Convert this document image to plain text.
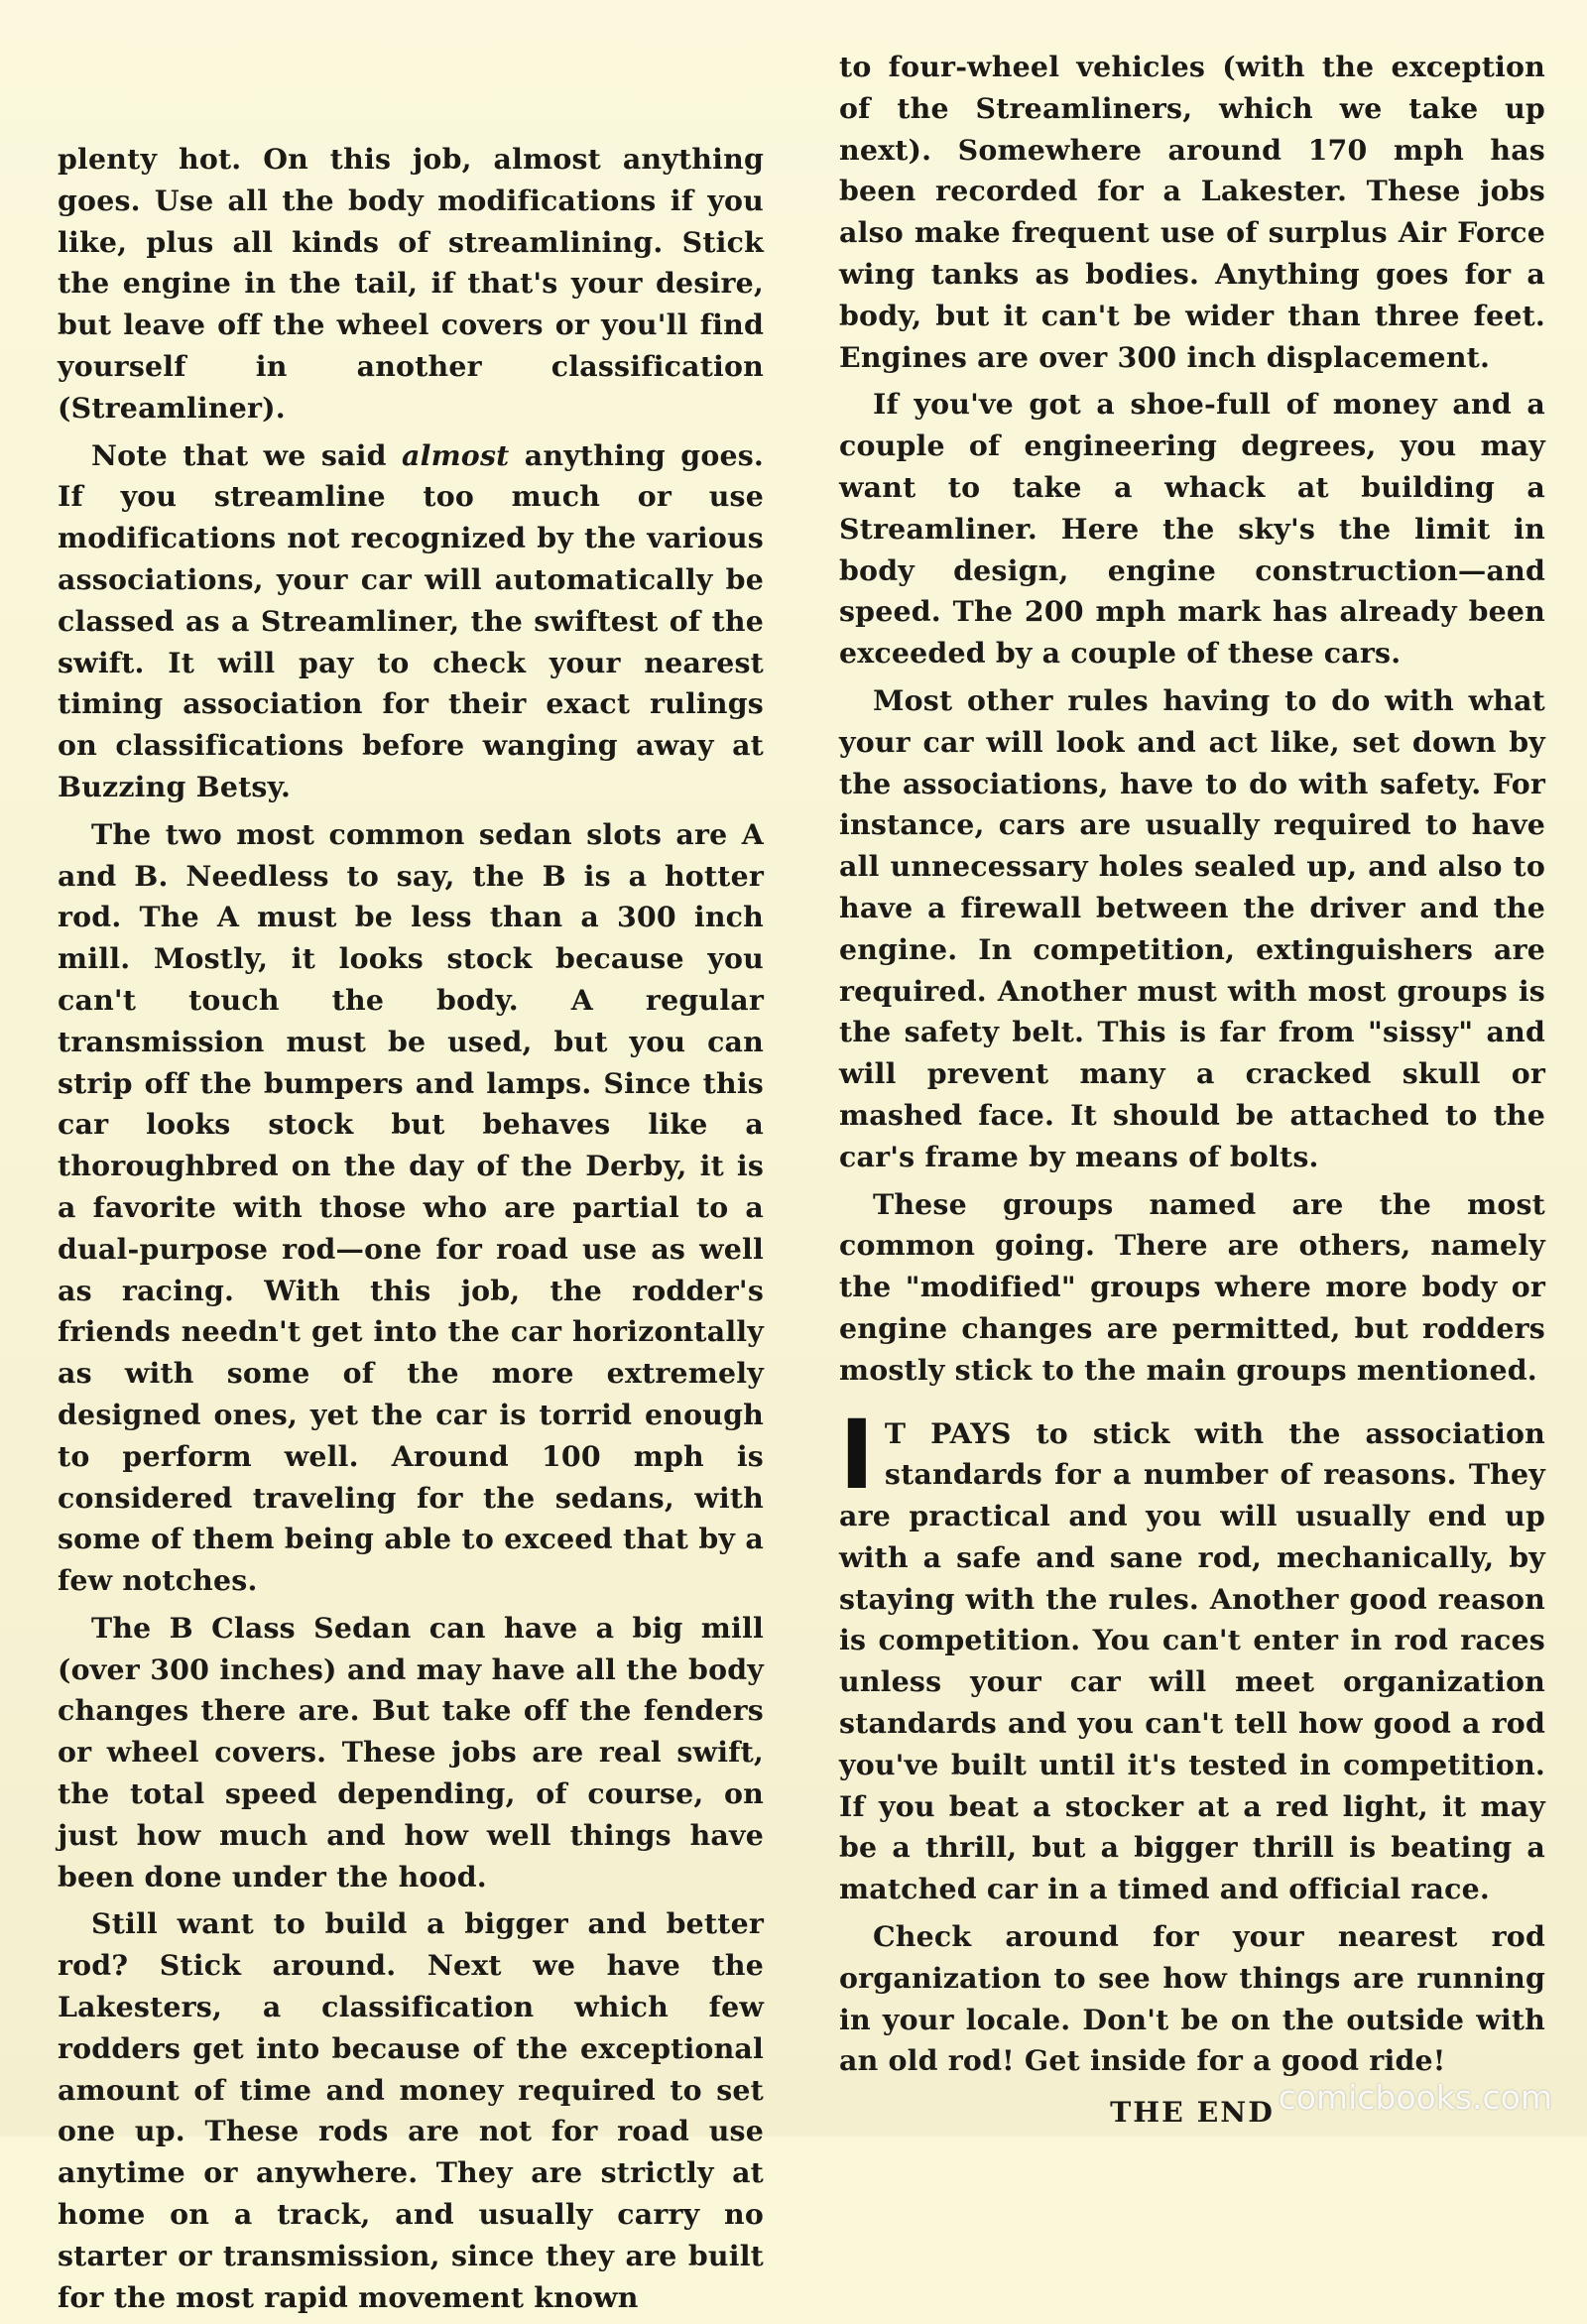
plenty hot. On this job, almost anything goes. Use all the body modifications if you like, plus all kinds of streamlining. Stick the engine in the tail, if that's your desire, but leave off the wheel covers or you'll find yourself in another classification (Streamliner).

Note that we said almost anything goes. If you streamline too much or use modifications not recognized by the various associations, your car will automatically be classed as a Streamliner, the swiftest of the swift. It will pay to check your nearest timing association for their exact rulings on classifications before wanging away at Buzzing Betsy.

The two most common sedan slots are A and B. Needless to say, the B is a hotter rod. The A must be less than a 300 inch mill. Mostly, it looks stock because you can't touch the body. A regular transmission must be used, but you can strip off the bumpers and lamps. Since this car looks stock but behaves like a thoroughbred on the day of the Derby, it is a favorite with those who are partial to a dual-purpose rod—one for road use as well as racing. With this job, the rodder's friends needn't get into the car horizontally as with some of the more extremely designed ones, yet the car is torrid enough to perform well. Around 100 mph is considered traveling for the sedans, with some of them being able to exceed that by a few notches.

The B Class Sedan can have a big mill (over 300 inches) and may have all the body changes there are. But take off the fenders or wheel covers. These jobs are real swift, the total speed depending, of course, on just how much and how well things have been done under the hood.

Still want to build a bigger and better rod? Stick around. Next we have the Lakesters, a classification which few rodders get into because of the exceptional amount of time and money required to set one up. These rods are not for road use anytime or anywhere. They are strictly at home on a track, and usually carry no starter or transmission, since they are built for the most rapid movement known

to four-wheel vehicles (with the exception of the Streamliners, which we take up next). Somewhere around 170 mph has been recorded for a Lakester. These jobs also make frequent use of surplus Air Force wing tanks as bodies. Anything goes for a body, but it can't be wider than three feet. Engines are over 300 inch displacement.

If you've got a shoe-full of money and a couple of engineering degrees, you may want to take a whack at building a Streamliner. Here the sky's the limit in body design, engine construction—and speed. The 200 mph mark has already been exceeded by a couple of these cars.

Most other rules having to do with what your car will look and act like, set down by the associations, have to do with safety. For instance, cars are usually required to have all unnecessary holes sealed up, and also to have a firewall between the driver and the engine. In competition, extinguishers are required. Another must with most groups is the safety belt. This is far from "sissy" and will prevent many a cracked skull or mashed face. It should be attached to the car's frame by means of bolts.

These groups named are the most common going. There are others, namely the "modified" groups where more body or engine changes are permitted, but rodders mostly stick to the main groups mentioned.

I T PAYS to stick with the association standards for a number of reasons. They are practical and you will usually end up with a safe and sane rod, mechanically, by staying with the rules. Another good reason is competition. You can't enter in rod races unless your car will meet organization standards and you can't tell how good a rod you've built until it's tested in competition. If you beat a stocker at a red light, it may be a thrill, but a bigger thrill is beating a matched car in a timed and official race.

Check around for your nearest rod organization to see how things are running in your locale. Don't be on the outside with an old rod! Get inside for a good ride!

THE END comicbooks.com
